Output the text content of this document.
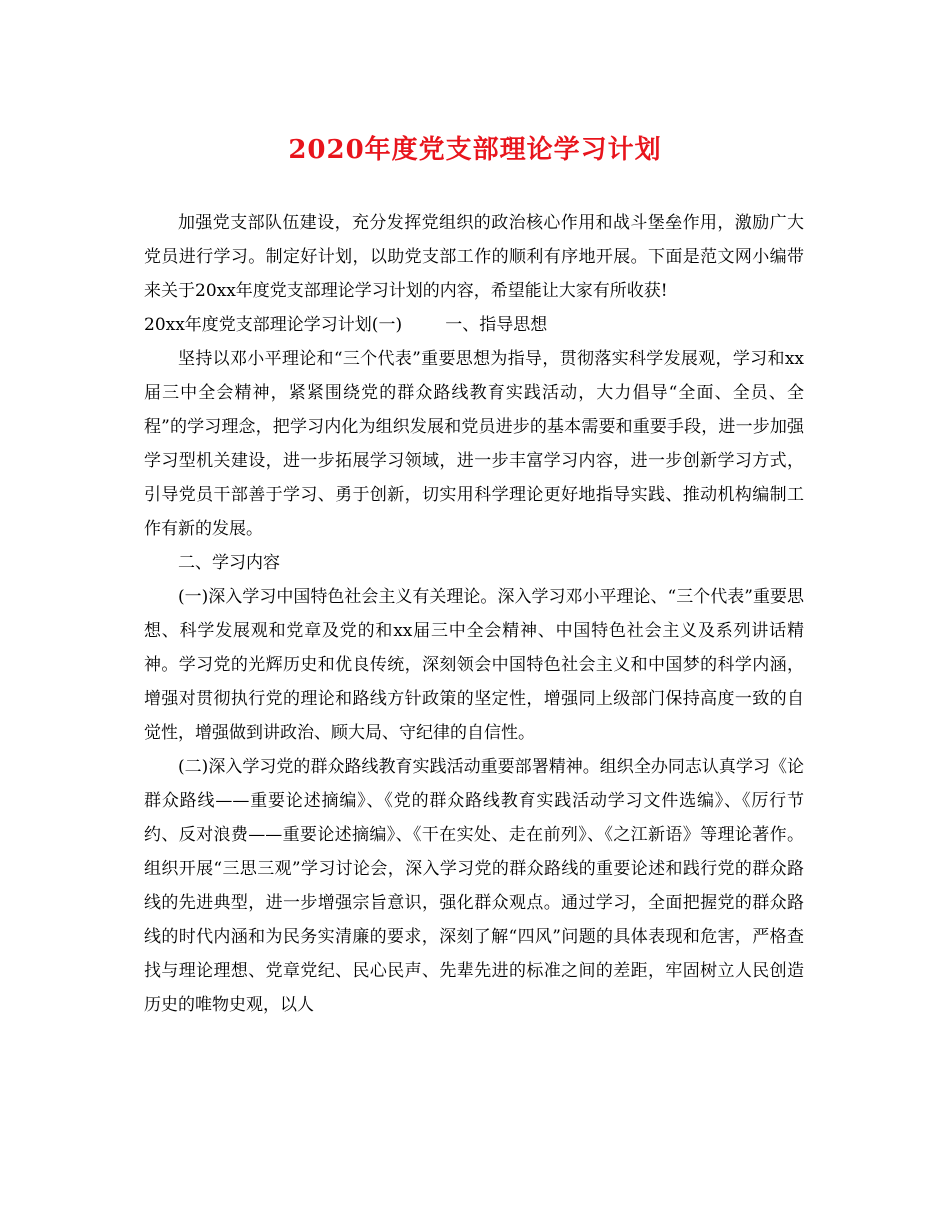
2020年度党支部理论学习计划

加强党支部队伍建设，充分发挥党组织的政治核心作用和战斗堡垒作用，激励广大党员进行学习。制定好计划，以助党支部工作的顺利有序地开展。下面是范文网小编带来关于20xx年度党支部理论学习计划的内容，希望能让大家有所收获!

20xx年度党支部理论学习计划(一)        一、指导思想

坚持以邓小平理论和“三个代表”重要思想为指导，贯彻落实科学发展观，学习和xx届三中全会精神，紧紧围绕党的群众路线教育实践活动，大力倡导“全面、全员、全程”的学习理念，把学习内化为组织发展和党员进步的基本需要和重要手段，进一步加强学习型机关建设，进一步拓展学习领域，进一步丰富学习内容，进一步创新学习方式，引导党员干部善于学习、勇于创新，切实用科学理论更好地指导实践、推动机构编制工作有新的发展。

二、学习内容

(一)深入学习中国特色社会主义有关理论。深入学习邓小平理论、“三个代表”重要思想、科学发展观和党章及党的和xx届三中全会精神、中国特色社会主义及系列讲话精神。学习党的光辉历史和优良传统，深刻领会中国特色社会主义和中国梦的科学内涵，增强对贯彻执行党的理论和路线方针政策的坚定性，增强同上级部门保持高度一致的自觉性，增强做到讲政治、顾大局、守纪律的自信性。

(二)深入学习党的群众路线教育实践活动重要部署精神。组织全办同志认真学习《论群众路线——重要论述摘编》、《党的群众路线教育实践活动学习文件选编》、《厉行节约、反对浪费——重要论述摘编》、《干在实处、走在前列》、《之江新语》等理论著作。组织开展“三思三观”学习讨论会，深入学习党的群众路线的重要论述和践行党的群众路线的先进典型，进一步增强宗旨意识，强化群众观点。通过学习，全面把握党的群众路线的时代内涵和为民务实清廉的要求，深刻了解“四风”问题的具体表现和危害，严格查找与理论理想、党章党纪、民心民声、先辈先进的标准之间的差距，牢固树立人民创造历史的唯物史观，以人
